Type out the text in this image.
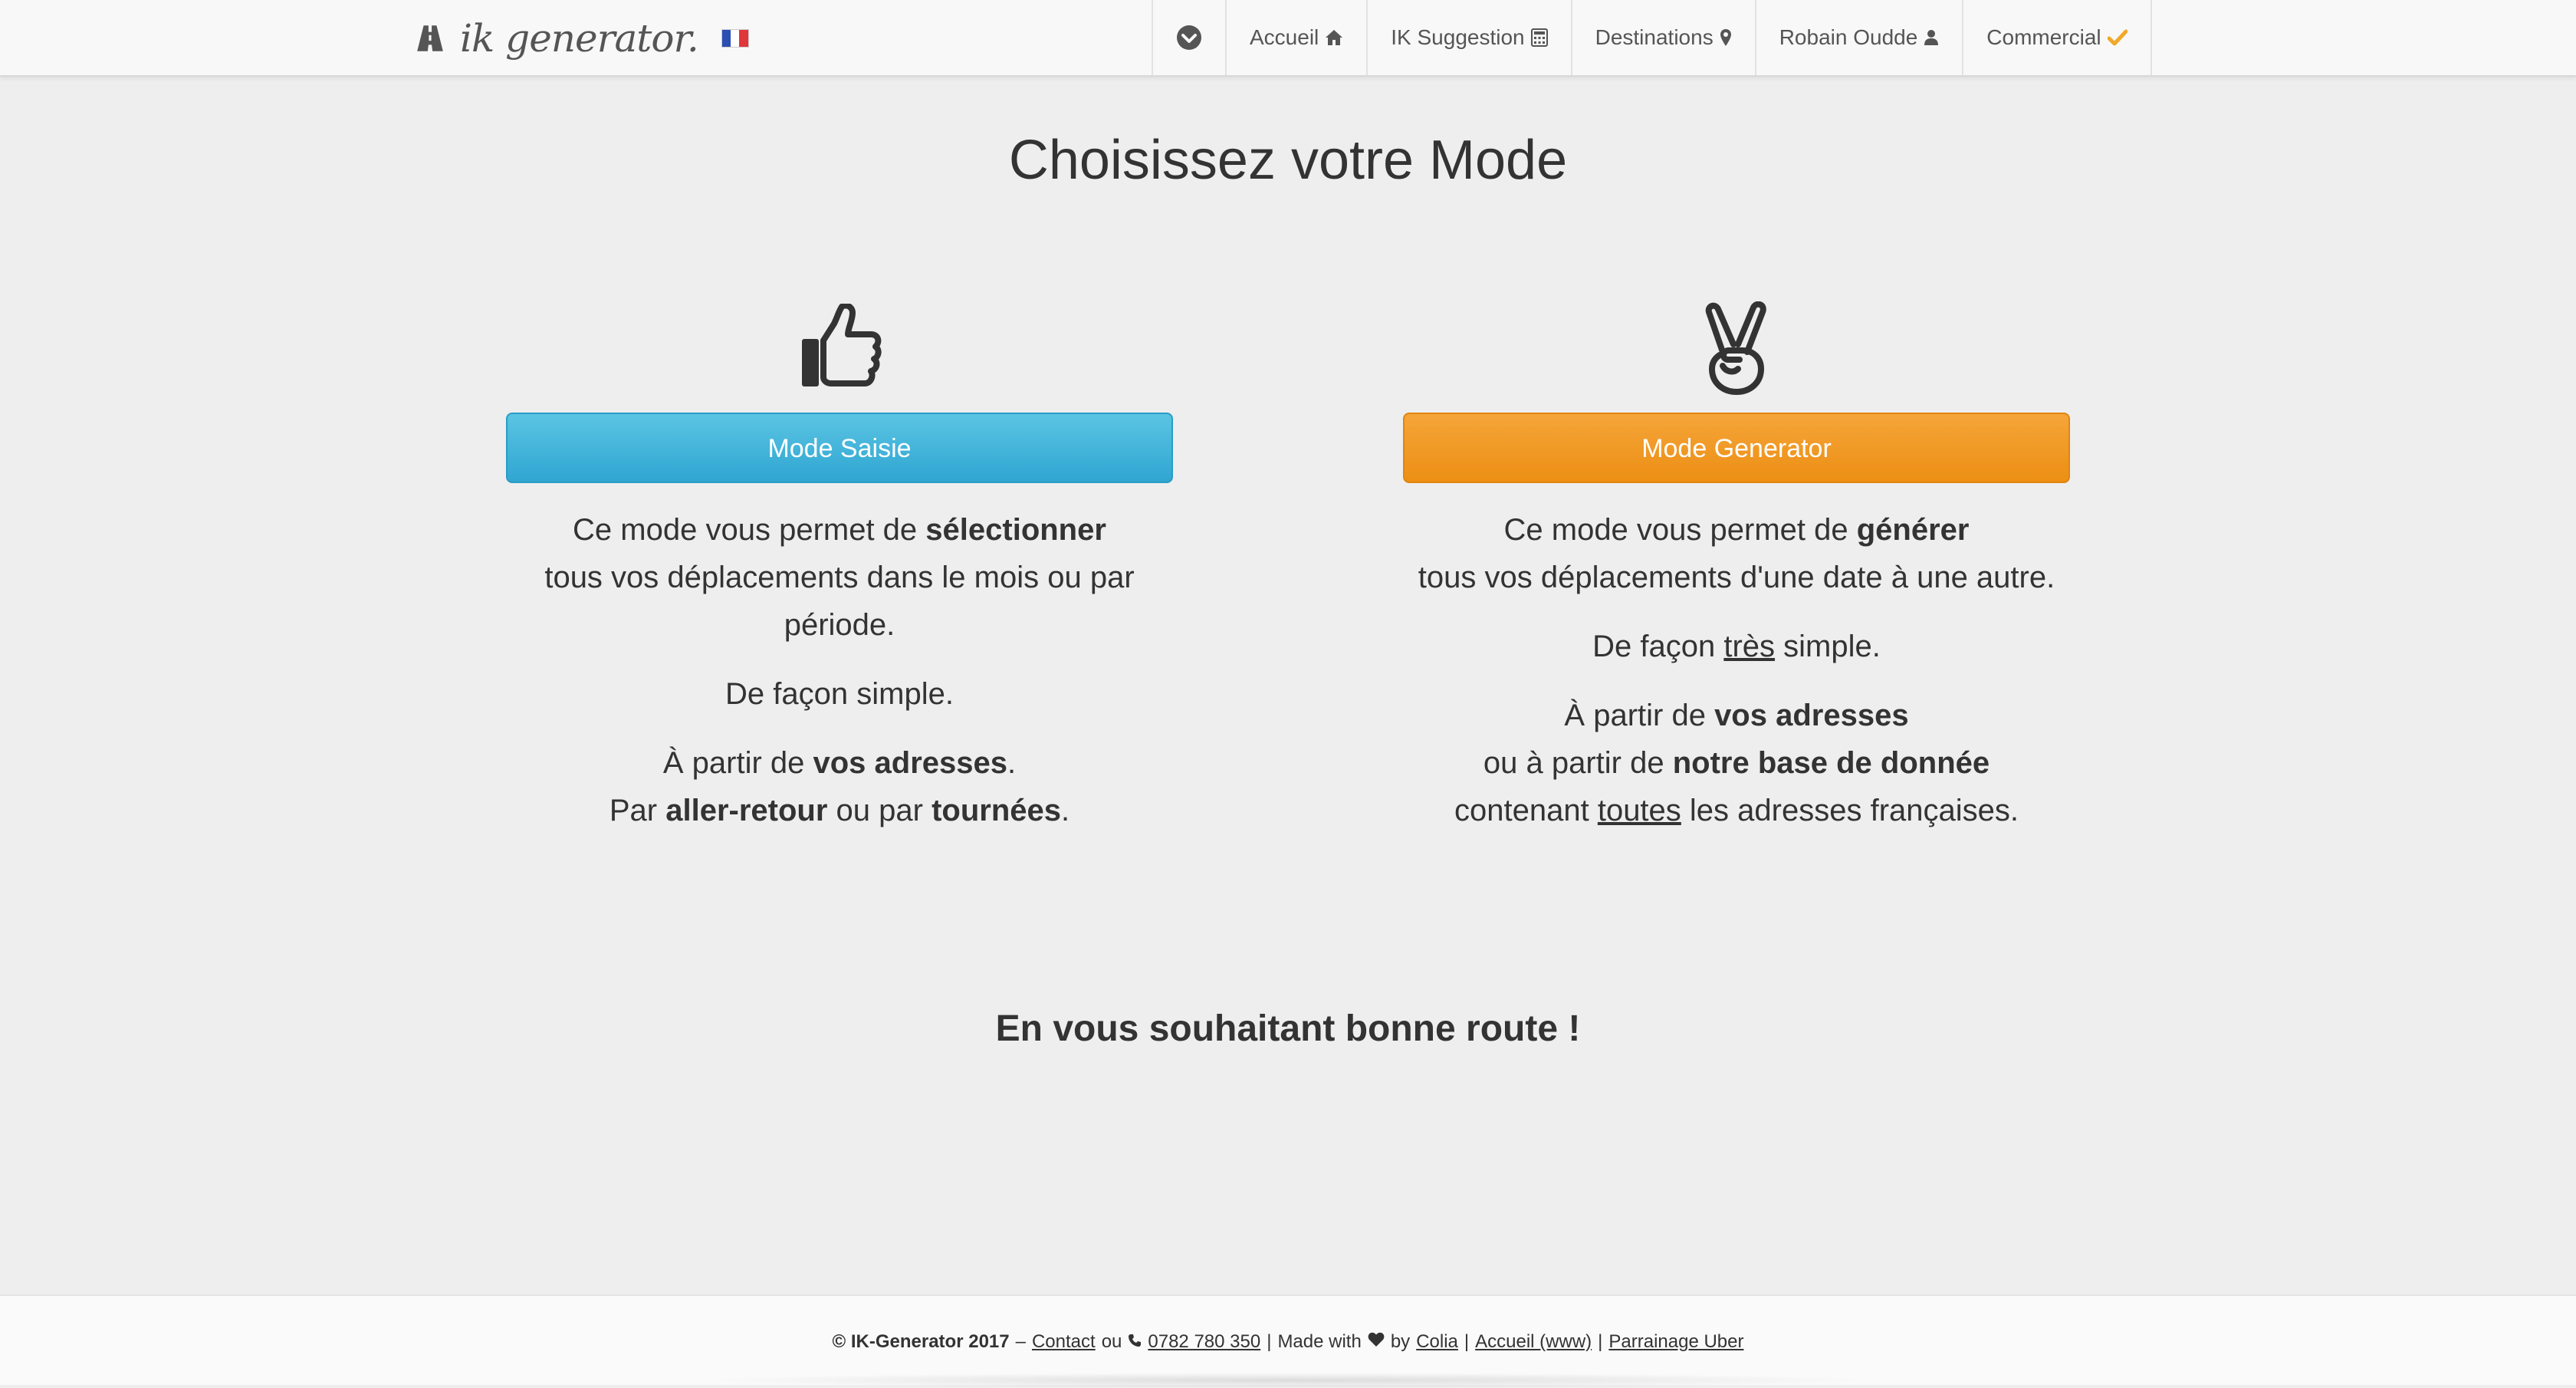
ik generator.	Accueil	IK Suggestion	Destinations	Robain Oudde	Commercial
Choisissez votre Mode
Mode Saisie

Ce mode vous permet de sélectionner
tous vos déplacements dans le mois ou par période.

De façon simple.

À partir de vos adresses.
Par aller-retour ou par tournées.

Mode Generator

Ce mode vous permet de générer
tous vos déplacements d'une date à une autre.

De façon très simple.

À partir de vos adresses
ou à partir de notre base de donnée
contenant toutes les adresses françaises.

En vous souhaitant bonne route !
© IK-Generator 2017 – Contact ou 0782 780 350 | Made with by Colia | Accueil (www) | Parrainage Uber
